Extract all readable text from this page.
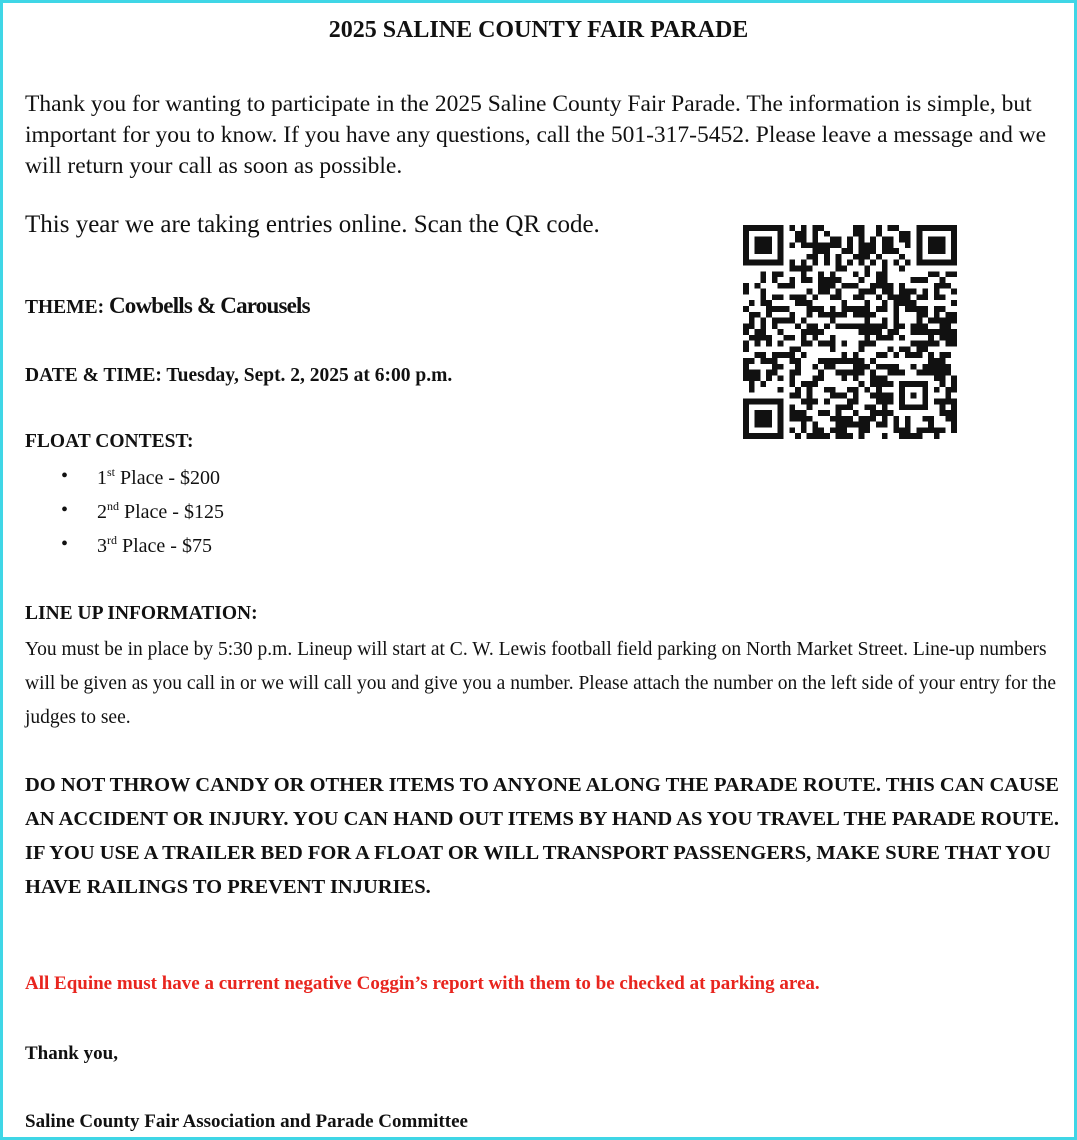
2025 SALINE COUNTY FAIR PARADE

Thank you for wanting to participate in the 2025 Saline County Fair Parade. The information is simple, but important for you to know. If you have any questions, call the 501-317-5452. Please leave a message and we will return your call as soon as possible.

This year we are taking entries online. Scan the QR code.

THEME: Cowbells & Carousels

DATE & TIME: Tuesday, Sept. 2, 2025 at 6:00 p.m.

FLOAT CONTEST:

• 1st Place - $200
• 2nd Place - $125
• 3rd Place - $75

LINE UP INFORMATION:

You must be in place by 5:30 p.m. Lineup will start at C. W. Lewis football field parking on North Market Street. Line-up numbers will be given as you call in or we will call you and give you a number. Please attach the number on the left side of your entry for the judges to see.

DO NOT THROW CANDY OR OTHER ITEMS TO ANYONE ALONG THE PARADE ROUTE. THIS CAN CAUSE AN ACCIDENT OR INJURY. YOU CAN HAND OUT ITEMS BY HAND AS YOU TRAVEL THE PARADE ROUTE. IF YOU USE A TRAILER BED FOR A FLOAT OR WILL TRANSPORT PASSENGERS, MAKE SURE THAT YOU HAVE RAILINGS TO PREVENT INJURIES.

All Equine must have a current negative Coggin’s report with them to be checked at parking area.

Thank you,

Saline County Fair Association and Parade Committee
